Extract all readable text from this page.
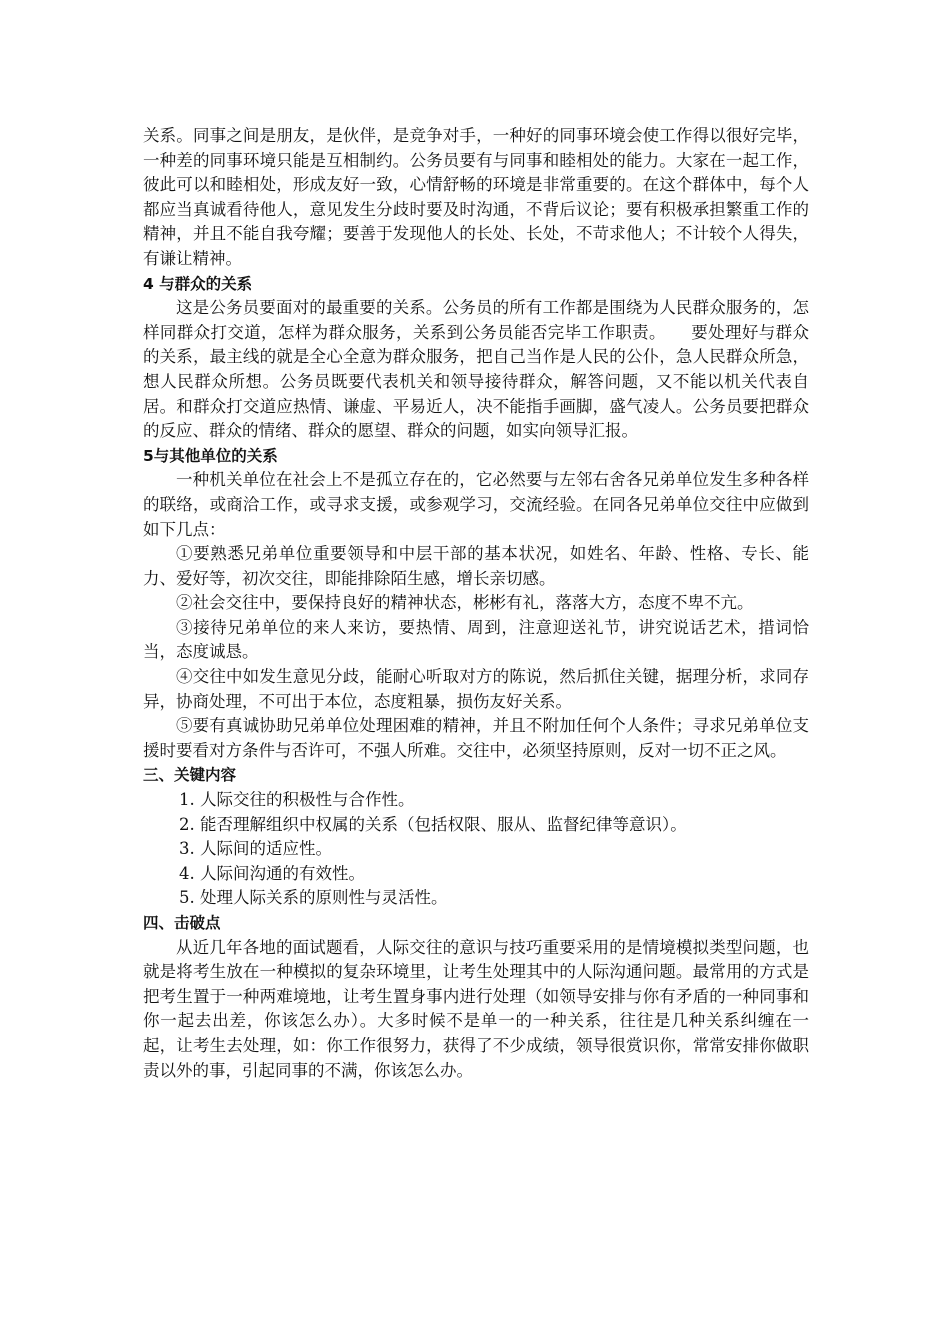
关系。同事之间是朋友，是伙伴，是竞争对手，一种好的同事环境会使工作得以很好完毕，一种差的同事环境只能是互相制约。公务员要有与同事和睦相处的能力。大家在一起工作，彼此可以和睦相处，形成友好一致，心情舒畅的环境是非常重要的。在这个群体中，每个人都应当真诚看待他人，意见发生分歧时要及时沟通，不背后议论；要有积极承担繁重工作的精神，并且不能自我夸耀；要善于发现他人的长处、长处，不苛求他人；不计较个人得失，有谦让精神。

4 与群众的关系

这是公务员要面对的最重要的关系。公务员的所有工作都是围绕为人民群众服务的，怎样同群众打交道，怎样为群众服务，关系到公务员能否完毕工作职责。　　要处理好与群众的关系，最主线的就是全心全意为群众服务，把自己当作是人民的公仆，急人民群众所急，想人民群众所想。公务员既要代表机关和领导接待群众，解答问题，又不能以机关代表自居。和群众打交道应热情、谦虚、平易近人，决不能指手画脚，盛气凌人。公务员要把群众的反应、群众的情绪、群众的愿望、群众的问题，如实向领导汇报。

5与其他单位的关系

一种机关单位在社会上不是孤立存在的，它必然要与左邻右舍各兄弟单位发生多种各样的联络，或商洽工作，或寻求支援，或参观学习，交流经验。在同各兄弟单位交往中应做到如下几点：

①要熟悉兄弟单位重要领导和中层干部的基本状况，如姓名、年龄、性格、专长、能力、爱好等，初次交往，即能排除陌生感，增长亲切感。

②社会交往中，要保持良好的精神状态，彬彬有礼，落落大方，态度不卑不亢。

③接待兄弟单位的来人来访，要热情、周到，注意迎送礼节，讲究说话艺术，措词恰当，态度诚恳。

④交往中如发生意见分歧，能耐心听取对方的陈说，然后抓住关键，据理分析，求同存异，协商处理，不可出于本位，态度粗暴，损伤友好关系。

⑤要有真诚协助兄弟单位处理困难的精神，并且不附加任何个人条件；寻求兄弟单位支援时要看对方条件与否许可，不强人所难。交往中，必须坚持原则，反对一切不正之风。

三、关键内容

1. 人际交往的积极性与合作性。

2. 能否理解组织中权属的关系（包括权限、服从、监督纪律等意识）。

3. 人际间的适应性。

4. 人际间沟通的有效性。

5. 处理人际关系的原则性与灵活性。

四、击破点

从近几年各地的面试题看，人际交往的意识与技巧重要采用的是情境模拟类型问题，也就是将考生放在一种模拟的复杂环境里，让考生处理其中的人际沟通问题。最常用的方式是把考生置于一种两难境地，让考生置身事内进行处理（如领导安排与你有矛盾的一种同事和你一起去出差，你该怎么办）。大多时候不是单一的一种关系，往往是几种关系纠缠在一起，让考生去处理，如：你工作很努力，获得了不少成绩，领导很赏识你，常常安排你做职责以外的事，引起同事的不满，你该怎么办。
